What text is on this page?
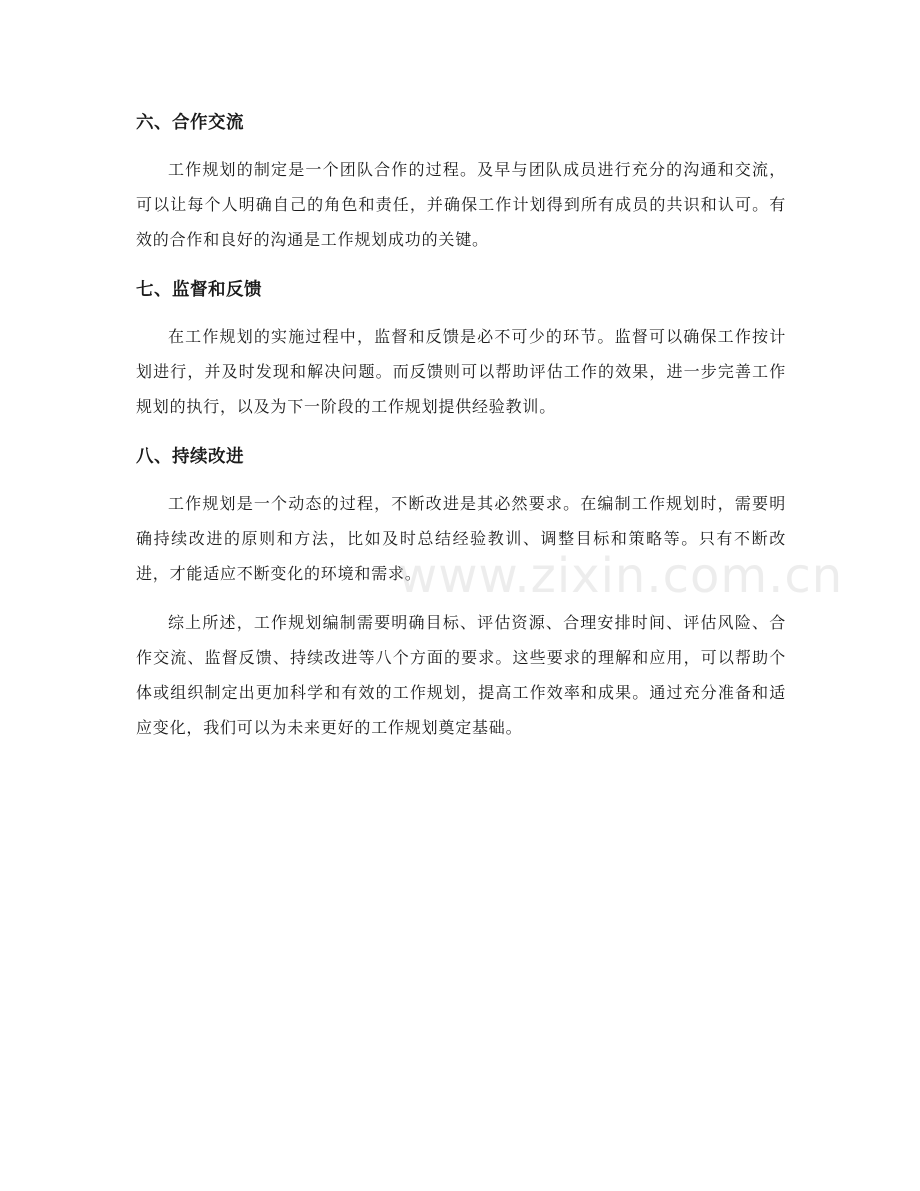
六、合作交流

工作规划的制定是一个团队合作的过程。及早与团队成员进行充分的沟通和交流，可以让每个人明确自己的角色和责任，并确保工作计划得到所有成员的共识和认可。有效的合作和良好的沟通是工作规划成功的关键。

七、监督和反馈

在工作规划的实施过程中，监督和反馈是必不可少的环节。监督可以确保工作按计划进行，并及时发现和解决问题。而反馈则可以帮助评估工作的效果，进一步完善工作规划的执行，以及为下一阶段的工作规划提供经验教训。

八、持续改进

工作规划是一个动态的过程，不断改进是其必然要求。在编制工作规划时，需要明确持续改进的原则和方法，比如及时总结经验教训、调整目标和策略等。只有不断改进，才能适应不断变化的环境和需求。

综上所述，工作规划编制需要明确目标、评估资源、合理安排时间、评估风险、合作交流、监督反馈、持续改进等八个方面的要求。这些要求的理解和应用，可以帮助个体或组织制定出更加科学和有效的工作规划，提高工作效率和成果。通过充分准备和适应变化，我们可以为未来更好的工作规划奠定基础。

www.zixin.com.cn
